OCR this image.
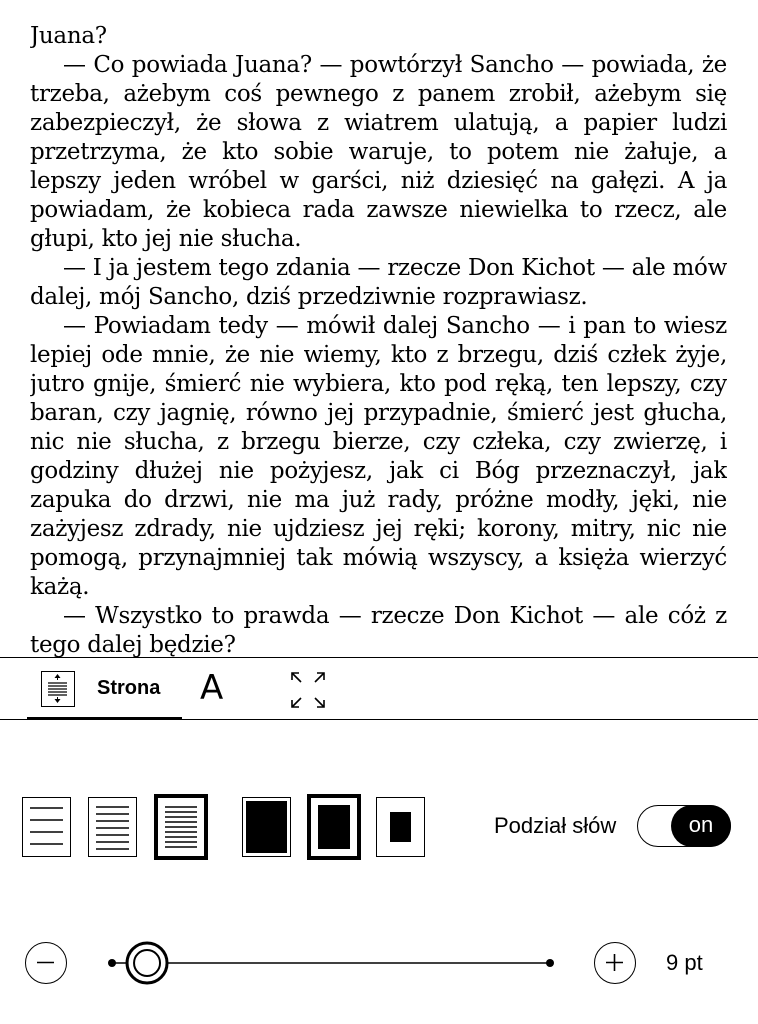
Juana?

— Co powiada Juana? — powtórzył Sancho — powiada, że trzeba, ażebym coś pewnego z panem zrobił, ażebym się zabezpieczył, że słowa z wiatrem ulatują, a papier ludzi przetrzyma, że kto sobie waruje, to potem nie żałuje, a lepszy jeden wróbel w garści, niż dziesięć na gałęzi. A ja powiadam, że kobieca rada zawsze niewielka to rzecz, ale głupi, kto jej nie słucha.

— I ja jestem tego zdania — rzecze Don Kichot — ale mów dalej, mój Sancho, dziś przedziwnie rozprawiasz.

— Powiadam tedy — mówił dalej Sancho — i pan to wiesz lepiej ode mnie, że nie wiemy, kto z brzegu, dziś człek żyje, jutro gnije, śmierć nie wybiera, kto pod ręką, ten lepszy, czy baran, czy jagnię, równo jej przypadnie, śmierć jest głucha, nic nie słucha, z brzegu bierze, czy człeka, czy zwierzę, i godziny dłużej nie pożyjesz, jak ci Bóg przeznaczył, jak zapuka do drzwi, nie ma już rady, próżne modły, jęki, nie zażyjesz zdrady, nie ujdziesz jej ręki; korony, mitry, nic nie pomogą, przynajmniej tak mówią wszyscy, a księża wierzyć każą.

— Wszystko to prawda — rzecze Don Kichot — ale cóż z tego dalej będzie?

Strona A
Podział słów	on
9 pt
